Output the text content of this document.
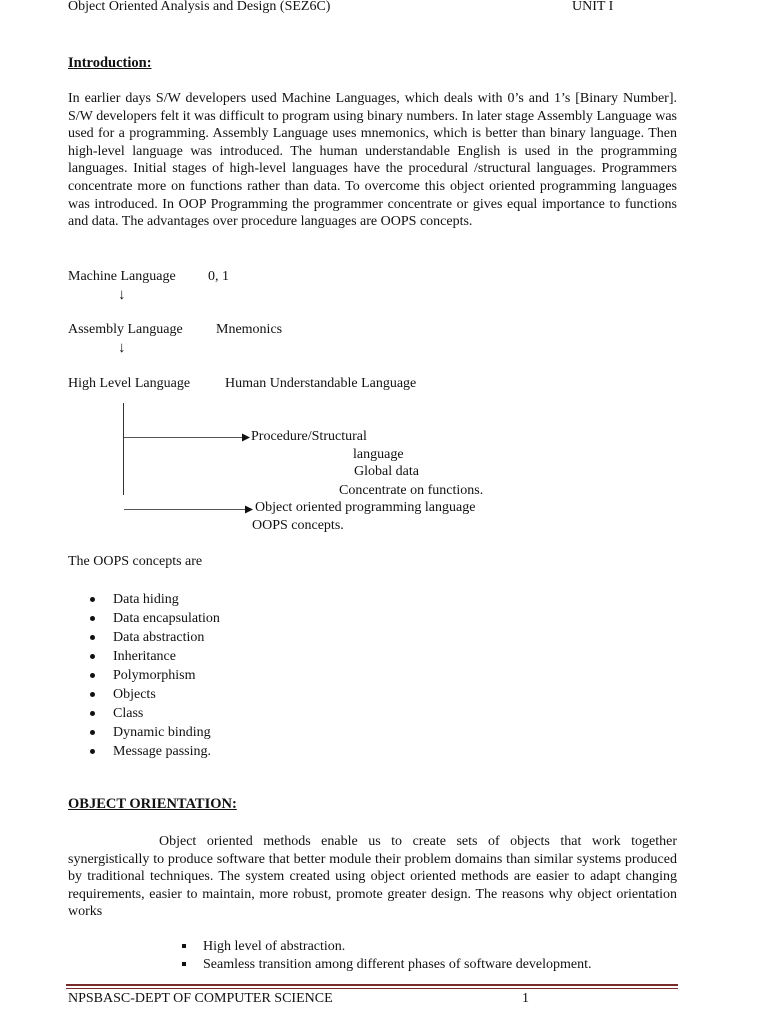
Object Oriented Analysis and Design (SEZ6C)	UNIT I
Introduction:
In earlier days S/W developers used Machine Languages, which deals with 0’s and 1’s [Binary Number]. S/W developers felt it was difficult to program using binary numbers. In later stage Assembly Language was used for a programming. Assembly Language uses mnemonics, which is better than binary language. Then high-level language was introduced. The human understandable English is used in the programming languages. Initial stages of high-level languages have the procedural /structural languages. Programmers concentrate more on functions rather than data. To overcome this object oriented programming languages was introduced. In OOP Programming the programmer concentrate or gives equal importance to functions and data. The advantages over procedure languages are OOPS concepts.
Machine Language 0, 1
↓
Assembly Language Mnemonics
↓
High Level Language Human Understandable Language
Procedure/Structural
language
Global data
Concentrate on functions.
Object oriented programming language
OOPS concepts.
The OOPS concepts are
Data hiding
Data encapsulation
Data abstraction
Inheritance
Polymorphism
Objects
Class
Dynamic binding
Message passing.
OBJECT ORIENTATION:
Object oriented methods enable us to create sets of objects that work together synergistically to produce software that better module their problem domains than similar systems produced by traditional techniques. The system created using object oriented methods are easier to adapt changing requirements, easier to maintain, more robust, promote greater design. The reasons why object orientation works
High level of abstraction.
Seamless transition among different phases of software development.
NPSBASC-DEPT OF COMPUTER SCIENCE	1
